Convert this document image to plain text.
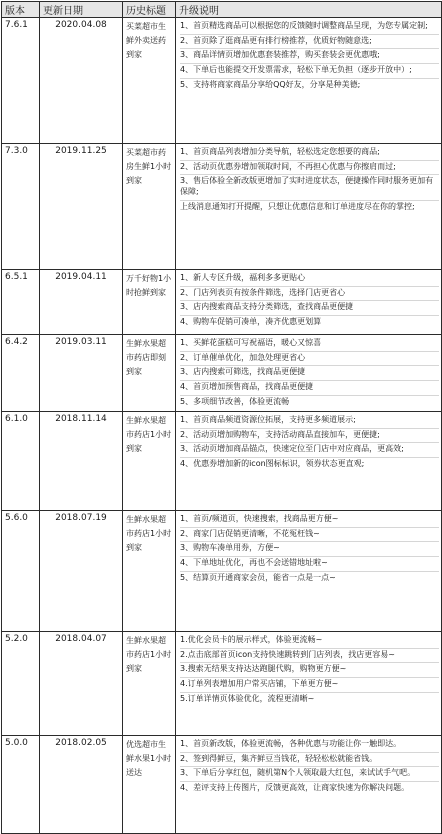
版本	更新日期	历史标题	升级说明
7.6.1	2020.04.08	买菜超市生鲜外卖送药到家	1、首页精选商品可以根据您的反馈随时调整商品呈现，为您专属定制;
2、首页除了逛商品更有排行榜推荐，优质好物随意选;
3、商品详情页增加优惠套装推荐，购买套装会更优惠哦;
4、下单后也能提交开发票需求，轻松下单无负担（逐步开放中）;
5、支持将商家商品分享给QQ好友，分享是种美德;

7.3.0	2019.11.25	买菜超市药房生鲜1小时到家	1、首页商品列表增加分类导航，轻松选定您想要的商品;
2、活动页优惠券增加领取时间，不再担心优惠与你擦肩而过;
3、售后体验全新改版更增加了实时进度状态，便捷操作同时服务更加有保障;
上线消息通知打开提醒，只想让优惠信息和订单进度尽在你的掌控;

6.5.1	2019.04.11	万千好物1小时抢鲜到家	1、新人专区升级，福利多多更贴心
2、门店列表页有按条件筛选，选择门店更省心
3、店内搜索商品支持分类筛选，查找商品更便捷
4、购物车促销可凑单，凑齐优惠更划算

6.4.2	2019.03.11	生鲜水果超市药店即刻到家	1、买鲜花蛋糕可写祝福语，暖心又惊喜
2、订单催单优化，加急处理更省心
3、店内搜索可筛选，找商品更便捷
4、首页增加预售商品，找商品更便捷
5、多项细节改善，体验更流畅

6.1.0	2018.11.14	生鲜水果超市药店1小时到家	1、首页商品频道资源位拓展，支持更多频道展示;
2、活动页增加购物车，支持活动商品直接加车，更便捷;
3、活动页增加商品锚点，快速定位至门店中对应商品，更高效;
4、优惠券增加新的icon图标标识，领券状态更直观;

5.6.0	2018.07.19	生鲜水果超市药店1小时到家	1、首页/频道页，快速搜索，找商品更方便~
2、商家门店促销更清晰，不花冤枉钱~
3、购物车凑单用券，方便~
4、下单地址优化，再也不会送错地址啦~
5、结算页开通商家会员，能省一点是一点~

5.2.0	2018.04.07	生鲜水果超市药店1小时到家	1.优化会员卡的展示样式，体验更流畅~
2.点击底部首页icon支持快速跳转到门店列表，找店更容易~
3.搜索无结果支持达达跑腿代购，购物更方便~
4.订单列表增加用户常买店铺，下单更方便~
5.订单详情页体验优化，流程更清晰~

5.0.0	2018.02.05	优选超市生鲜水果1小时送达	1、首页新改版，体验更流畅，各种优惠与功能让你一触即达。
2、签到得鲜豆，集齐鲜豆当钱花，轻轻松松就能省钱。
3、下单后分享红包，随机第N个人领取最大红包，来试试手气吧。
4、差评支持上传图片，反馈更高效，让商家快速为你解决问题。
